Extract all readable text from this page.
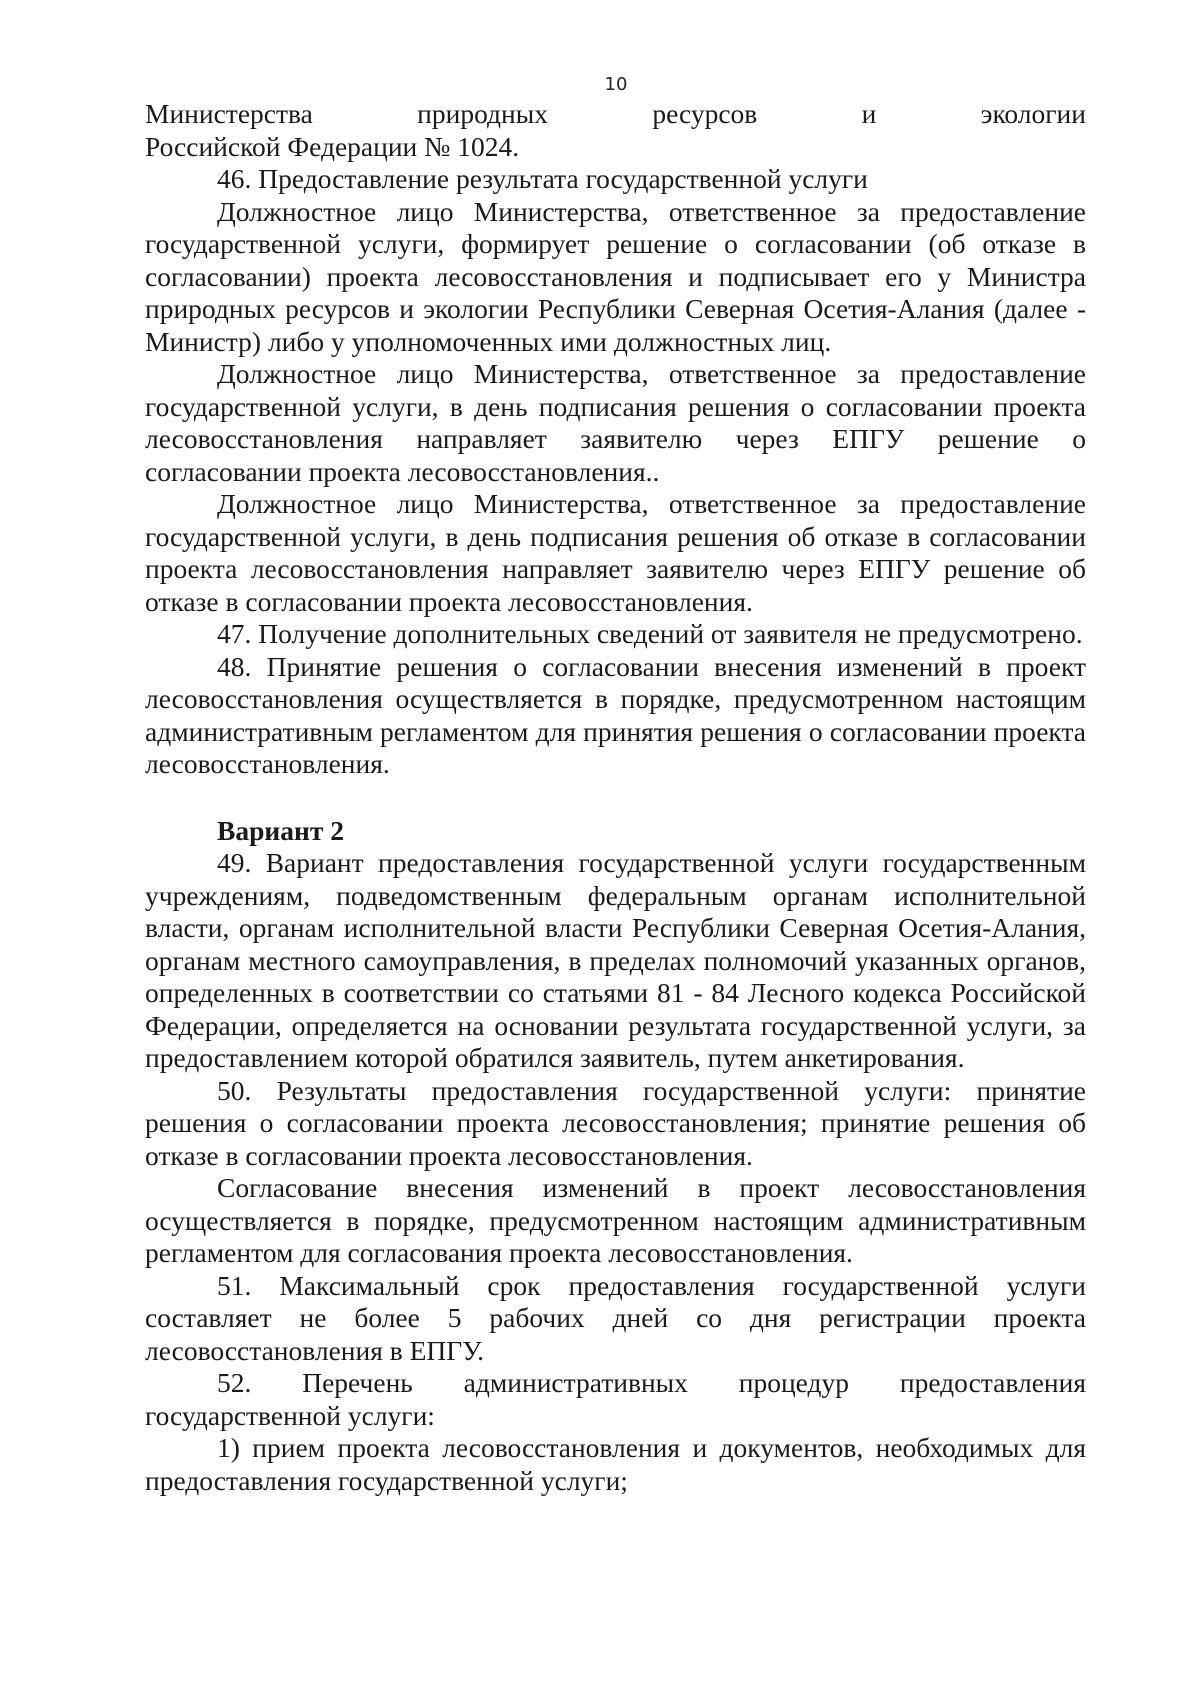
10

Министерства природных ресурсов и экологии

Российской Федерации № 1024.

46. Предоставление результата государственной услуги

Должностное лицо Министерства, ответственное за предоставление государственной услуги, формирует решение о согласовании (об отказе в согласовании) проекта лесовосстановления и подписывает его у Министра природных ресурсов и экологии Республики Северная Осетия-Алания (далее - Министр) либо у уполномоченных ими должностных лиц.

Должностное лицо Министерства, ответственное за предоставление государственной услуги, в день подписания решения о согласовании проекта лесовосстановления направляет заявителю через ЕПГУ решение о согласовании проекта лесовосстановления..

Должностное лицо Министерства, ответственное за предоставление государственной услуги, в день подписания решения об отказе в согласовании проекта лесовосстановления направляет заявителю через ЕПГУ решение об отказе в согласовании проекта лесовосстановления.

47. Получение дополнительных сведений от заявителя не предусмотрено.

48. Принятие решения о согласовании внесения изменений в проект лесовосстановления осуществляется в порядке, предусмотренном настоящим административным регламентом для принятия решения о согласовании проекта лесовосстановления.

Вариант 2

49. Вариант предоставления государственной услуги государственным учреждениям, подведомственным федеральным органам исполнительной власти, органам исполнительной власти Республики Северная Осетия-Алания, органам местного самоуправления, в пределах полномочий указанных органов, определенных в соответствии со статьями 81 - 84 Лесного кодекса Российской Федерации, определяется на основании результата государственной услуги, за предоставлением которой обратился заявитель, путем анкетирования.

50. Результаты предоставления государственной услуги: принятие решения о согласовании проекта лесовосстановления; принятие решения об отказе в согласовании проекта лесовосстановления.

Согласование внесения изменений в проект лесовосстановления осуществляется в порядке, предусмотренном настоящим административным регламентом для согласования проекта лесовосстановления.

51. Максимальный срок предоставления государственной услуги составляет не более 5 рабочих дней со дня регистрации проекта лесовосстановления в ЕПГУ.

52. Перечень административных процедур предоставления государственной услуги:

1) прием проекта лесовосстановления и документов, необходимых для предоставления государственной услуги;
